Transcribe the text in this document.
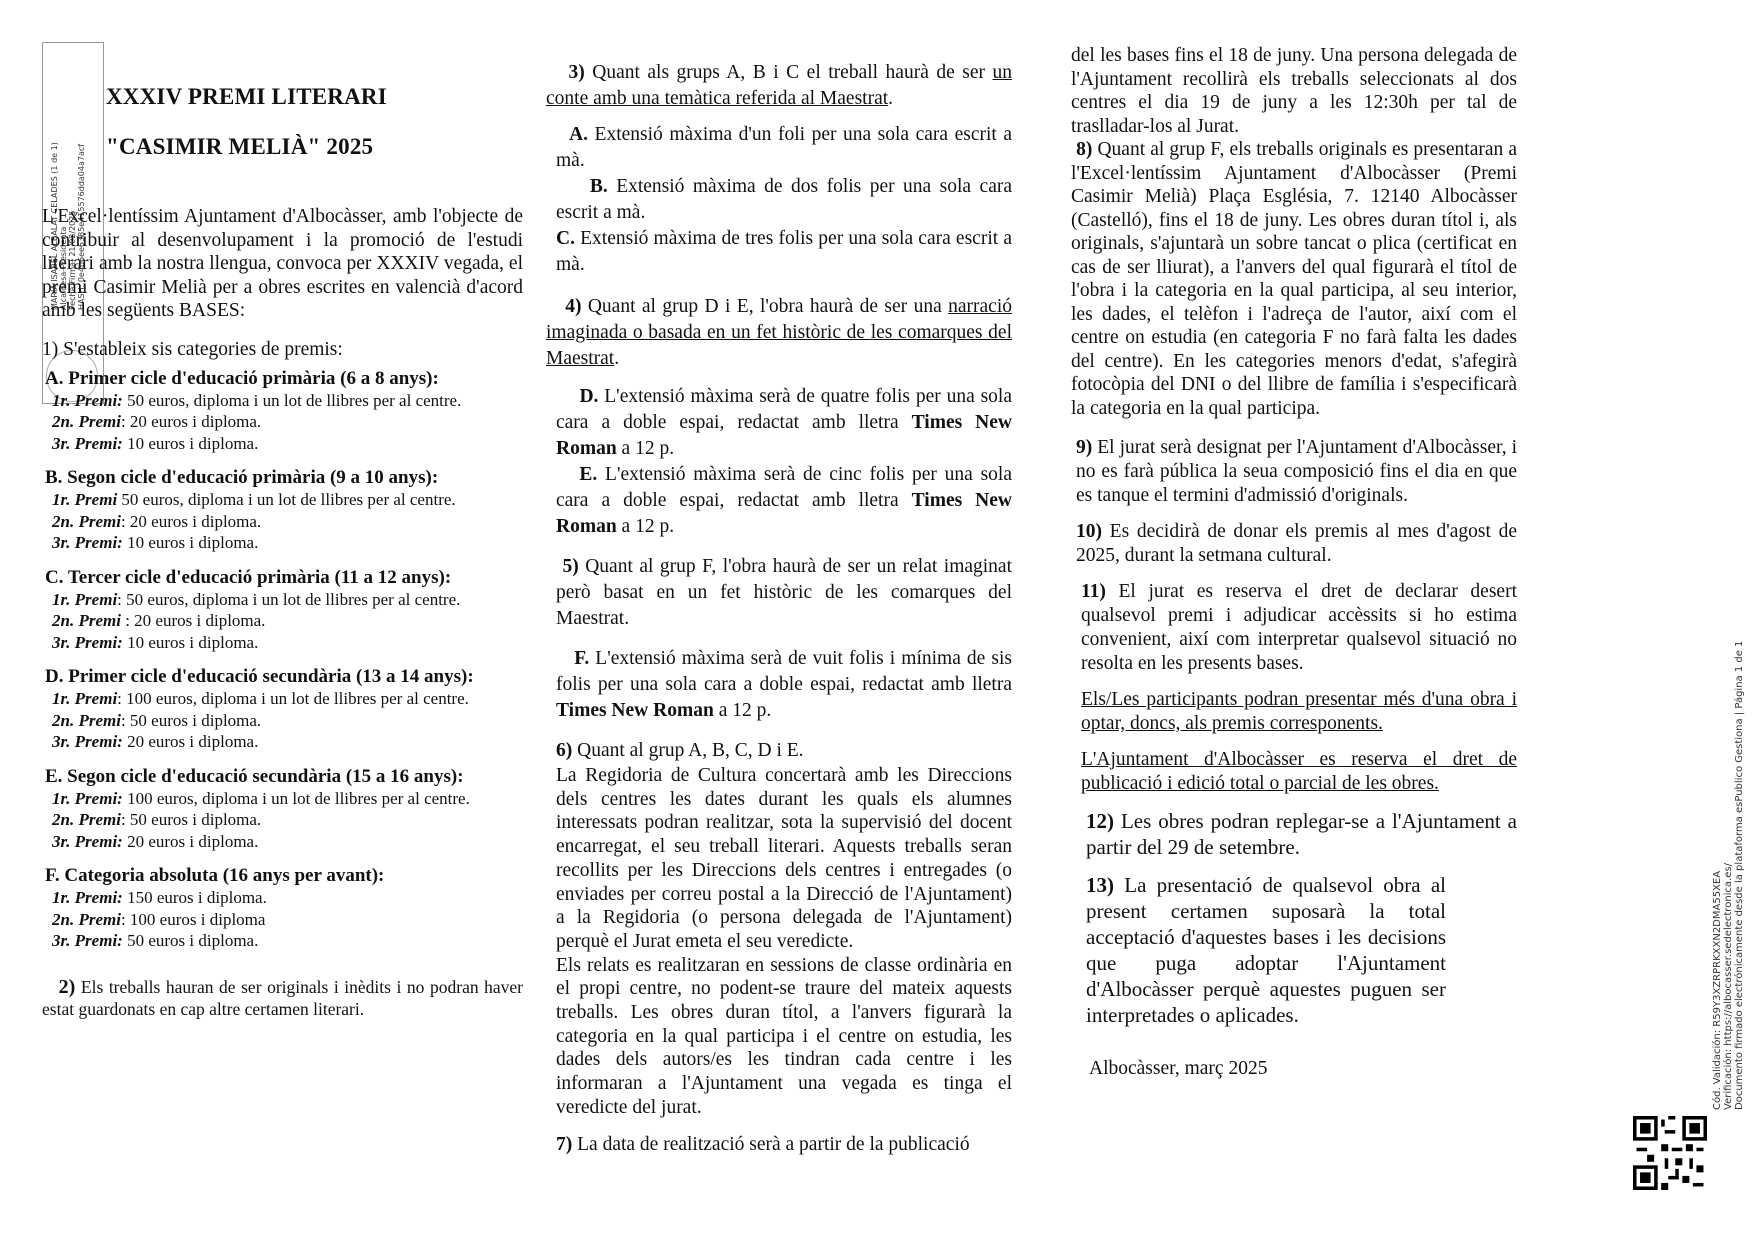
MARIA ISABEL ALBALAT CELADES (1 de 1) Alcaldesa-Presidenta Fecha Firma: 21/03/2025 HASH: 0e4b6ee6385e415576dda04a7acf
XXXIV PREMI LITERARI
"CASIMIR MELIÀ" 2025

L'Excel·lentíssim Ajuntament d'Albocàsser, amb l'objecte de contribuir al desenvolupament i la promoció de l'estudi literari amb la nostra llengua, convoca per XXXIV vegada, el premi Casimir Melià per a obres escrites en valencià d'acord amb les següents BASES:

1) S'estableix sis categories de premis:

A. Primer cicle d'educació primària (6 a 8 anys):
1r. Premi: 50 euros, diploma i un lot de llibres per al centre.
2n. Premi: 20 euros i diploma.
3r. Premi: 10 euros i diploma.
B. Segon cicle d'educació primària (9 a 10 anys):
1r. Premi 50 euros, diploma i un lot de llibres per al centre.
2n. Premi: 20 euros i diploma.
3r. Premi: 10 euros i diploma.
C. Tercer cicle d'educació primària (11 a 12 anys):
1r. Premi: 50 euros, diploma i un lot de llibres per al centre.
2n. Premi : 20 euros i diploma.
3r. Premi: 10 euros i diploma.
D. Primer cicle d'educació secundària (13 a 14 anys):
1r. Premi: 100 euros, diploma i un lot de llibres per al centre.
2n. Premi: 50 euros i diploma.
3r. Premi: 20 euros i diploma.
E. Segon cicle d'educació secundària (15 a 16 anys):
1r. Premi: 100 euros, diploma i un lot de llibres per al centre.
2n. Premi: 50 euros i diploma.
3r. Premi: 20 euros i diploma.
F. Categoria absoluta (16 anys per avant):
1r. Premi: 150 euros i diploma.
2n. Premi: 100 euros i diploma
3r. Premi: 50 euros i diploma.

2) Els treballs hauran de ser originals i inèdits i no podran haver estat guardonats en cap altre certamen literari.

3) Quant als grups A, B i C el treball haurà de ser un conte amb una temàtica referida al Maestrat.

A. Extensió màxima d'un foli per una sola cara escrit a mà.

B. Extensió màxima de dos folis per una sola cara escrit a mà.

C. Extensió màxima de tres folis per una sola cara escrit a mà.

4) Quant al grup D i E, l'obra haurà de ser una narració imaginada o basada en un fet històric de les comarques del Maestrat.

D. L'extensió màxima serà de quatre folis per una sola cara a doble espai, redactat amb lletra Times New Roman a 12 p.

E. L'extensió màxima serà de cinc folis per una sola cara a doble espai, redactat amb lletra Times New Roman a 12 p.

5) Quant al grup F, l'obra haurà de ser un relat imaginat però basat en un fet històric de les comarques del Maestrat.

F. L'extensió màxima serà de vuit folis i mínima de sis folis per una sola cara a doble espai, redactat amb lletra Times New Roman a 12 p.

6) Quant al grup A, B, C, D i E.

La Regidoria de Cultura concertarà amb les Direccions dels centres les dates durant les quals els alumnes interessats podran realitzar, sota la supervisió del docent encarregat, el seu treball literari. Aquests treballs seran recollits per les Direccions dels centres i entregades (o enviades per correu postal a la Direcció de l'Ajuntament) a la Regidoria (o persona delegada de l'Ajuntament) perquè el Jurat emeta el seu veredicte.

Els relats es realitzaran en sessions de classe ordinària en el propi centre, no podent-se traure del mateix aquests treballs. Les obres duran títol, a l'anvers figurarà la categoria en la qual participa i el centre on estudia, les dades dels autors/es les tindran cada centre i les informaran a l'Ajuntament una vegada es tinga el veredicte del jurat.

7) La data de realització serà a partir de la publicació

del les bases fins el 18 de juny. Una persona delegada de l'Ajuntament recollirà els treballs seleccionats al dos centres el dia 19 de juny a les 12:30h per tal de traslladar-los al Jurat.

8) Quant al grup F, els treballs originals es presentaran a l'Excel·lentíssim Ajuntament d'Albocàsser (Premi Casimir Melià) Plaça Església, 7. 12140 Albocàsser (Castelló), fins el 18 de juny. Les obres duran títol i, als originals, s'ajuntarà un sobre tancat o plica (certificat en cas de ser lliurat), a l'anvers del qual figurarà el títol de l'obra i la categoria en la qual participa, al seu interior, les dades, el telèfon i l'adreça de l'autor, així com el centre on estudia (en categoria F no farà falta les dades del centre). En les categories menors d'edat, s'afegirà fotocòpia del DNI o del llibre de família i s'especificarà la categoria en la qual participa.

9) El jurat serà designat per l'Ajuntament d'Albocàsser, i no es farà pública la seua composició fins el dia en que es tanque el termini d'admissió d'originals.

10) Es decidirà de donar els premis al mes d'agost de 2025, durant la setmana cultural.

11) El jurat es reserva el dret de declarar desert qualsevol premi i adjudicar accèssits si ho estima convenient, així com interpretar qualsevol situació no resolta en les presents bases.

Els/Les participants podran presentar més d'una obra i optar, doncs, als premis corresponents.

L'Ajuntament d'Albocàsser es reserva el dret de publicació i edició total o parcial de les obres.

12) Les obres podran replegar-se a l'Ajuntament a partir del 29 de setembre.

13) La presentació de qualsevol obra al present certamen suposarà la total acceptació d'aquestes bases i les decisions que puga adoptar l'Ajuntament d'Albocàsser perquè aquestes puguen ser interpretades o aplicades.

Albocàsser, març 2025	Cód. Validación: R59Y3XZRPRKXXN2DMA55XEA Verificación: https://albocasser.sedelectronica.es/ Documento firmado electrónicamente desde la plataforma esPublico Gestiona | Página 1 de 1
